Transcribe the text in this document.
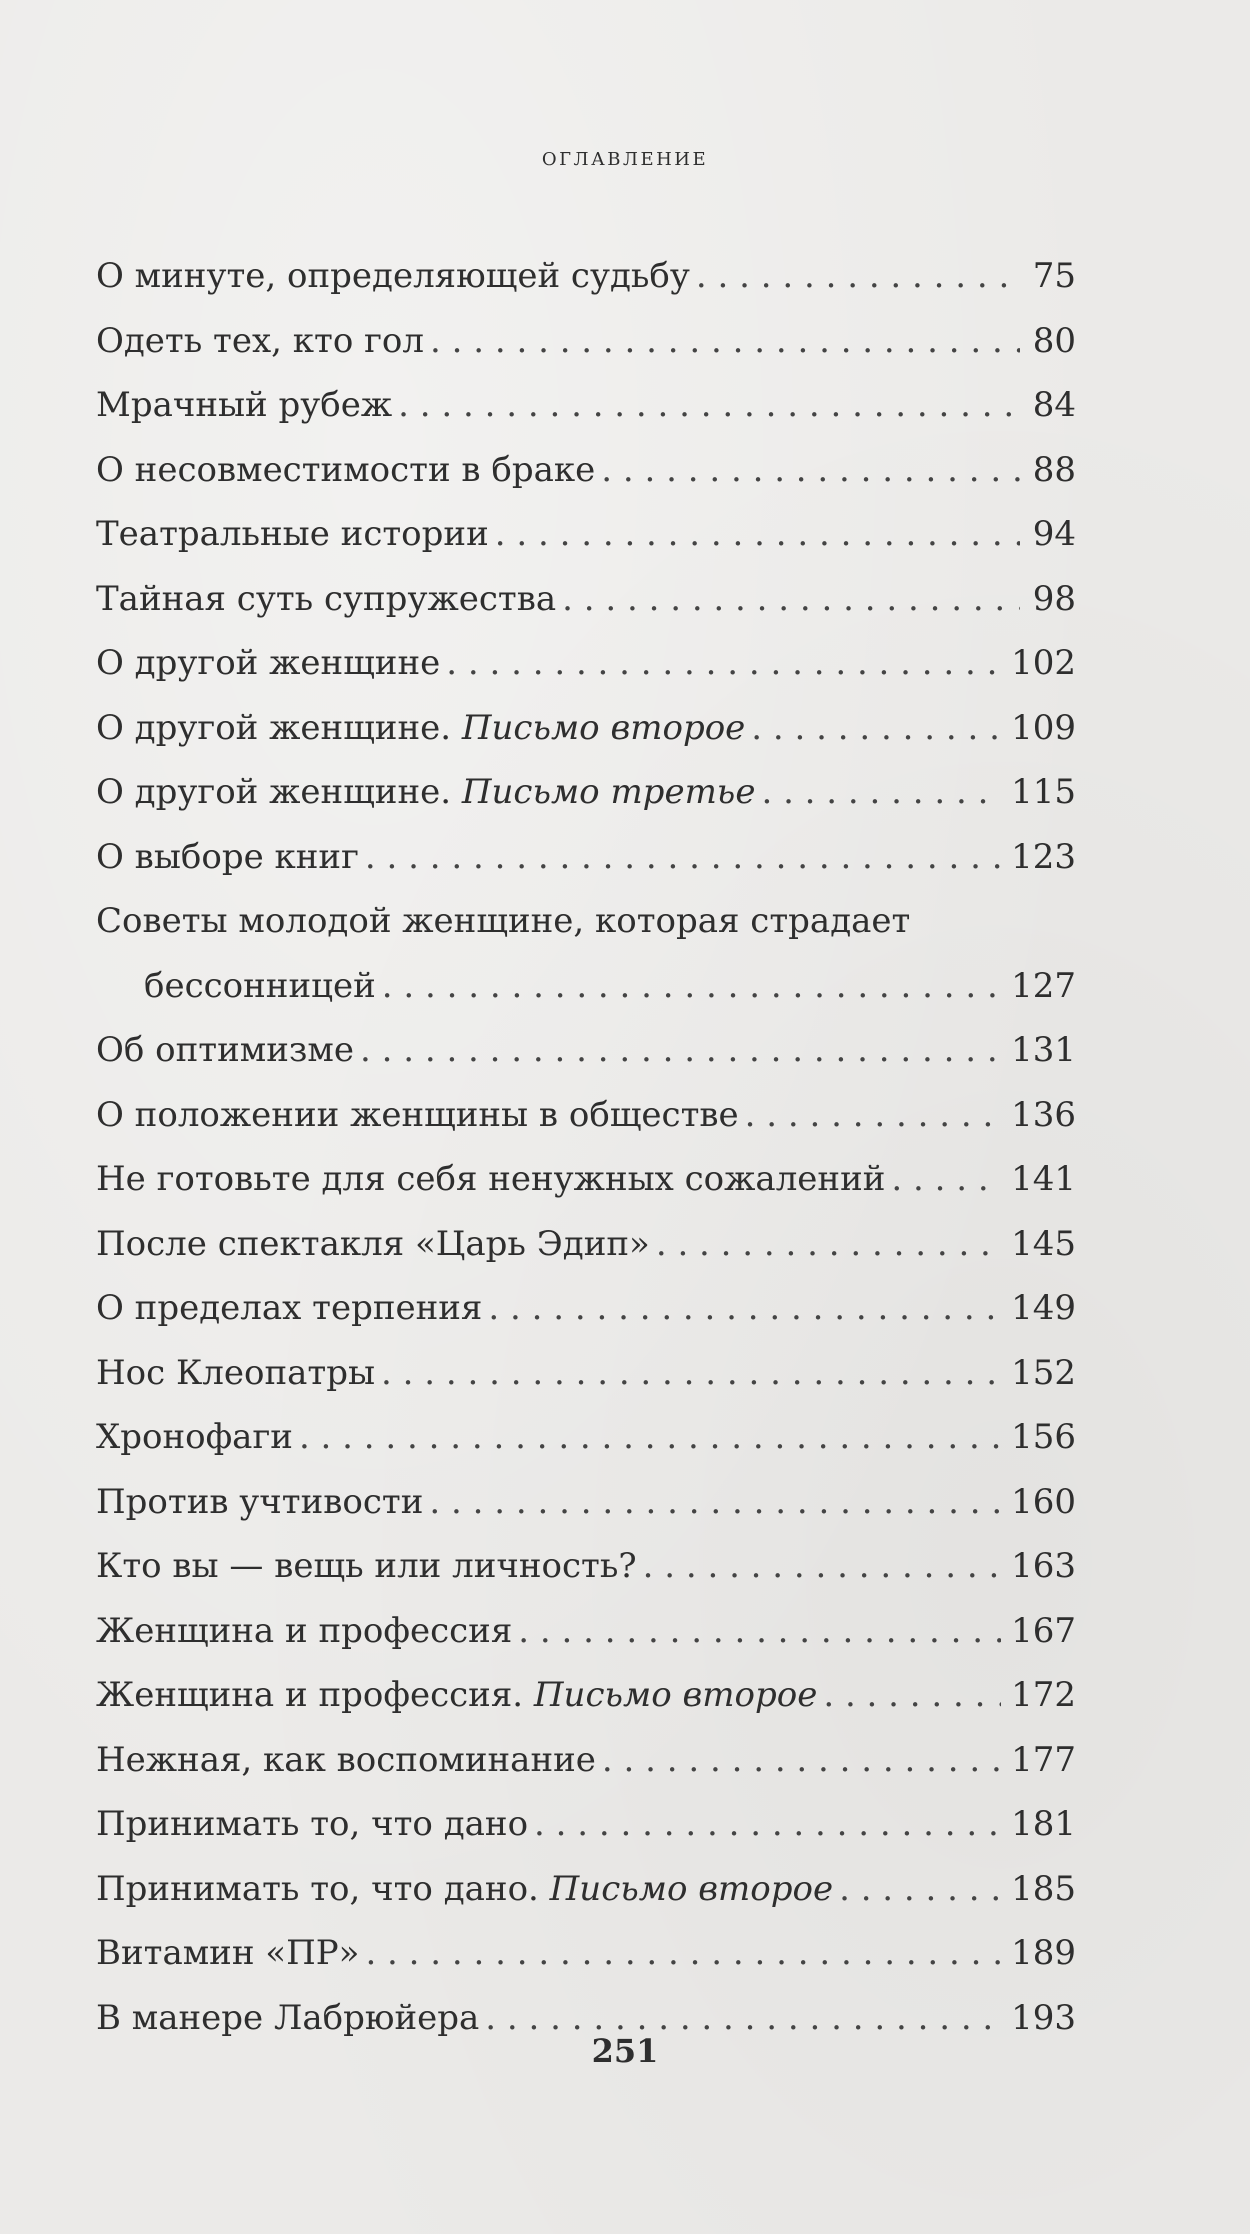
оглавление
О минуте, определяющей судьбу . . .	75
Одеть тех, кто гол . . .	80
Мрачный рубеж . . .	84
О несовместимости в браке . . .	88
Театральные истории . . .	94
Тайная суть супружества . . .	98
О другой женщине . . .	102
О другой женщине. Письмо второе . . .	109
О другой женщине. Письмо третье . . .	115
О выборе книг . . .	123
Советы молодой женщине, которая страдает
бессонницей . . .	127
Об оптимизме . . .	131
О положении женщины в обществе . . .	136
Не готовьте для себя ненужных сожалений . . .	141
После спектакля «Царь Эдип» . . .	145
О пределах терпения . . .	149
Нос Клеопатры . . .	152
Хронофаги . . .	156
Против учтивости . . .	160
Кто вы — вещь или личность? . . .	163
Женщина и профессия . . .	167
Женщина и профессия. Письмо второе . . .	172
Нежная, как воспоминание . . .	177
Принимать то, что дано . . .	181
Принимать то, что дано. Письмо второе . . .	185
Витамин «ПР» . . .	189
В манере Лабрюйера . . .	193
251
